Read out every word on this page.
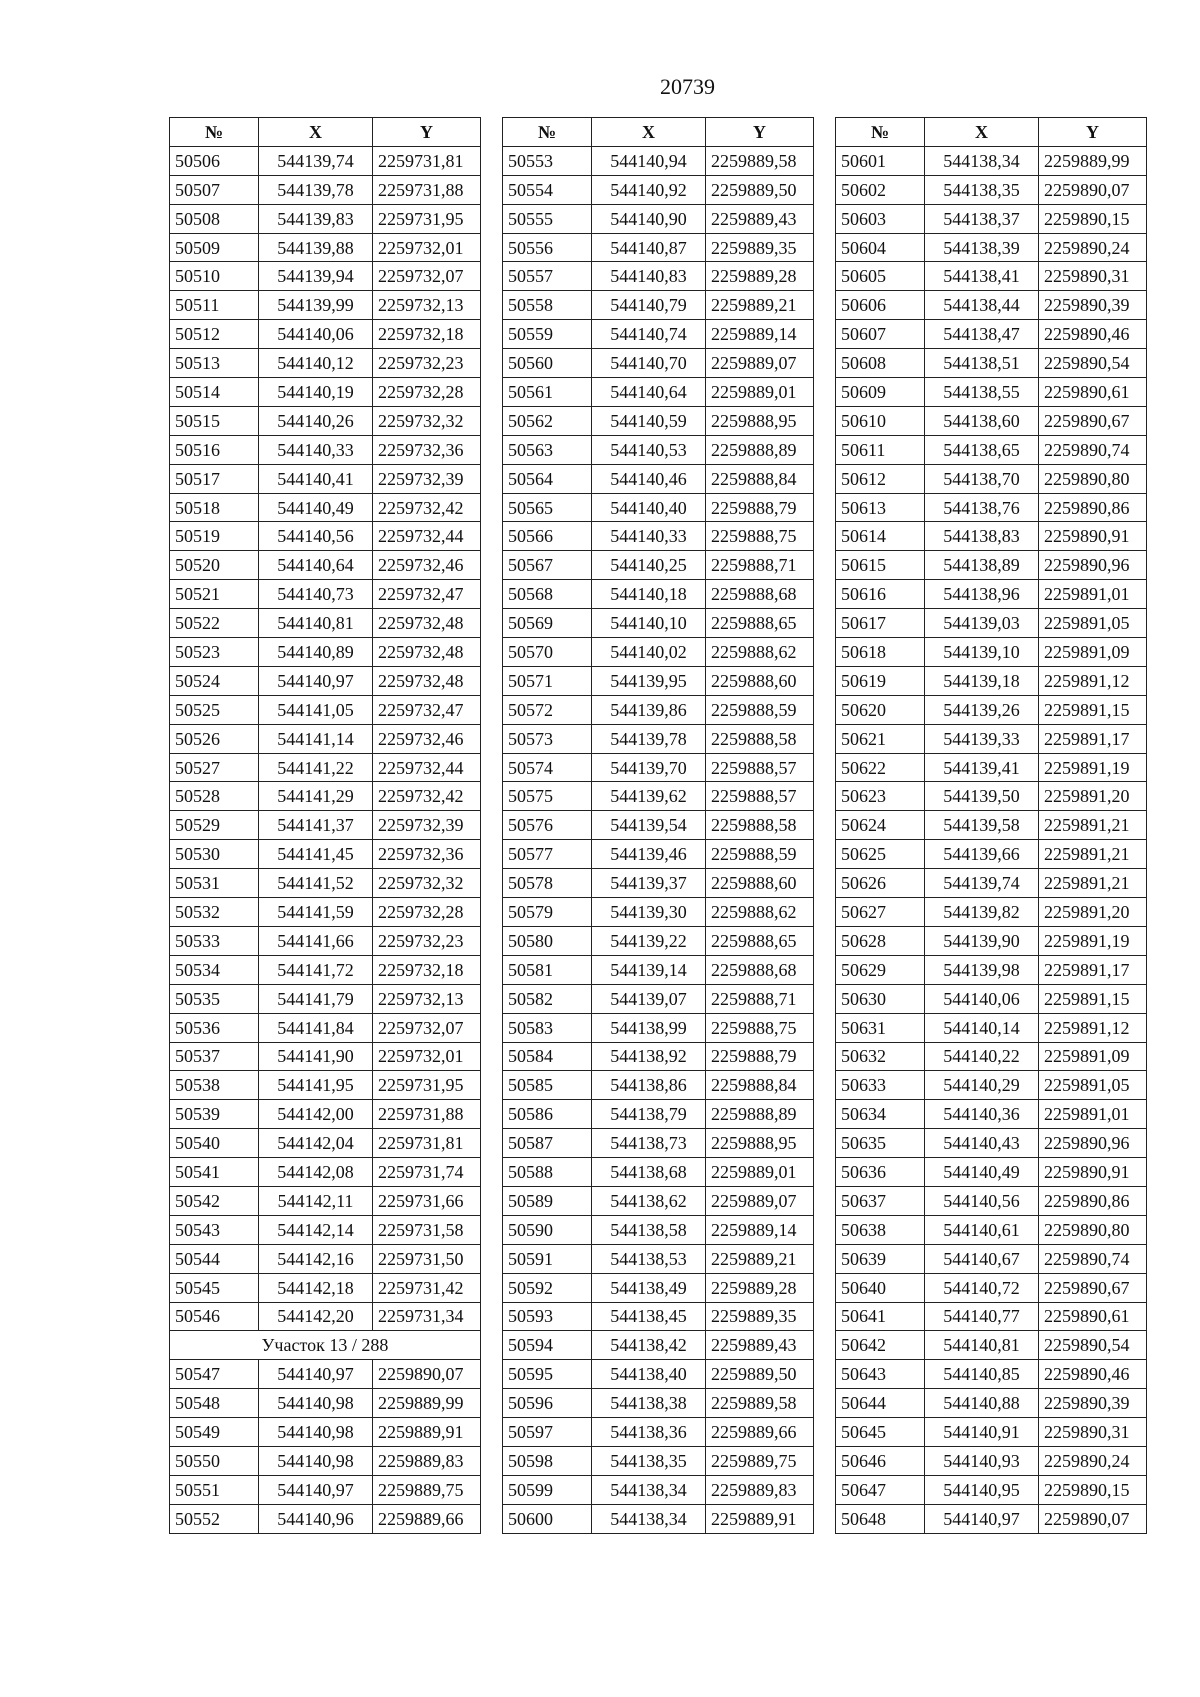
20739
№	X	Y
50506	544139,74	2259731,81
50507	544139,78	2259731,88
50508	544139,83	2259731,95
50509	544139,88	2259732,01
50510	544139,94	2259732,07
50511	544139,99	2259732,13
50512	544140,06	2259732,18
50513	544140,12	2259732,23
50514	544140,19	2259732,28
50515	544140,26	2259732,32
50516	544140,33	2259732,36
50517	544140,41	2259732,39
50518	544140,49	2259732,42
50519	544140,56	2259732,44
50520	544140,64	2259732,46
50521	544140,73	2259732,47
50522	544140,81	2259732,48
50523	544140,89	2259732,48
50524	544140,97	2259732,48
50525	544141,05	2259732,47
50526	544141,14	2259732,46
50527	544141,22	2259732,44
50528	544141,29	2259732,42
50529	544141,37	2259732,39
50530	544141,45	2259732,36
50531	544141,52	2259732,32
50532	544141,59	2259732,28
50533	544141,66	2259732,23
50534	544141,72	2259732,18
50535	544141,79	2259732,13
50536	544141,84	2259732,07
50537	544141,90	2259732,01
50538	544141,95	2259731,95
50539	544142,00	2259731,88
50540	544142,04	2259731,81
50541	544142,08	2259731,74
50542	544142,11	2259731,66
50543	544142,14	2259731,58
50544	544142,16	2259731,50
50545	544142,18	2259731,42
50546	544142,20	2259731,34
Участок 13 / 288		
50547	544140,97	2259890,07
50548	544140,98	2259889,99
50549	544140,98	2259889,91
50550	544140,98	2259889,83
50551	544140,97	2259889,75
50552	544140,96	2259889,66
№	X	Y
50553	544140,94	2259889,58
50554	544140,92	2259889,50
50555	544140,90	2259889,43
50556	544140,87	2259889,35
50557	544140,83	2259889,28
50558	544140,79	2259889,21
50559	544140,74	2259889,14
50560	544140,70	2259889,07
50561	544140,64	2259889,01
50562	544140,59	2259888,95
50563	544140,53	2259888,89
50564	544140,46	2259888,84
50565	544140,40	2259888,79
50566	544140,33	2259888,75
50567	544140,25	2259888,71
50568	544140,18	2259888,68
50569	544140,10	2259888,65
50570	544140,02	2259888,62
50571	544139,95	2259888,60
50572	544139,86	2259888,59
50573	544139,78	2259888,58
50574	544139,70	2259888,57
50575	544139,62	2259888,57
50576	544139,54	2259888,58
50577	544139,46	2259888,59
50578	544139,37	2259888,60
50579	544139,30	2259888,62
50580	544139,22	2259888,65
50581	544139,14	2259888,68
50582	544139,07	2259888,71
50583	544138,99	2259888,75
50584	544138,92	2259888,79
50585	544138,86	2259888,84
50586	544138,79	2259888,89
50587	544138,73	2259888,95
50588	544138,68	2259889,01
50589	544138,62	2259889,07
50590	544138,58	2259889,14
50591	544138,53	2259889,21
50592	544138,49	2259889,28
50593	544138,45	2259889,35
50594	544138,42	2259889,43
50595	544138,40	2259889,50
50596	544138,38	2259889,58
50597	544138,36	2259889,66
50598	544138,35	2259889,75
50599	544138,34	2259889,83
50600	544138,34	2259889,91
№	X	Y
50601	544138,34	2259889,99
50602	544138,35	2259890,07
50603	544138,37	2259890,15
50604	544138,39	2259890,24
50605	544138,41	2259890,31
50606	544138,44	2259890,39
50607	544138,47	2259890,46
50608	544138,51	2259890,54
50609	544138,55	2259890,61
50610	544138,60	2259890,67
50611	544138,65	2259890,74
50612	544138,70	2259890,80
50613	544138,76	2259890,86
50614	544138,83	2259890,91
50615	544138,89	2259890,96
50616	544138,96	2259891,01
50617	544139,03	2259891,05
50618	544139,10	2259891,09
50619	544139,18	2259891,12
50620	544139,26	2259891,15
50621	544139,33	2259891,17
50622	544139,41	2259891,19
50623	544139,50	2259891,20
50624	544139,58	2259891,21
50625	544139,66	2259891,21
50626	544139,74	2259891,21
50627	544139,82	2259891,20
50628	544139,90	2259891,19
50629	544139,98	2259891,17
50630	544140,06	2259891,15
50631	544140,14	2259891,12
50632	544140,22	2259891,09
50633	544140,29	2259891,05
50634	544140,36	2259891,01
50635	544140,43	2259890,96
50636	544140,49	2259890,91
50637	544140,56	2259890,86
50638	544140,61	2259890,80
50639	544140,67	2259890,74
50640	544140,72	2259890,67
50641	544140,77	2259890,61
50642	544140,81	2259890,54
50643	544140,85	2259890,46
50644	544140,88	2259890,39
50645	544140,91	2259890,31
50646	544140,93	2259890,24
50647	544140,95	2259890,15
50648	544140,97	2259890,07
